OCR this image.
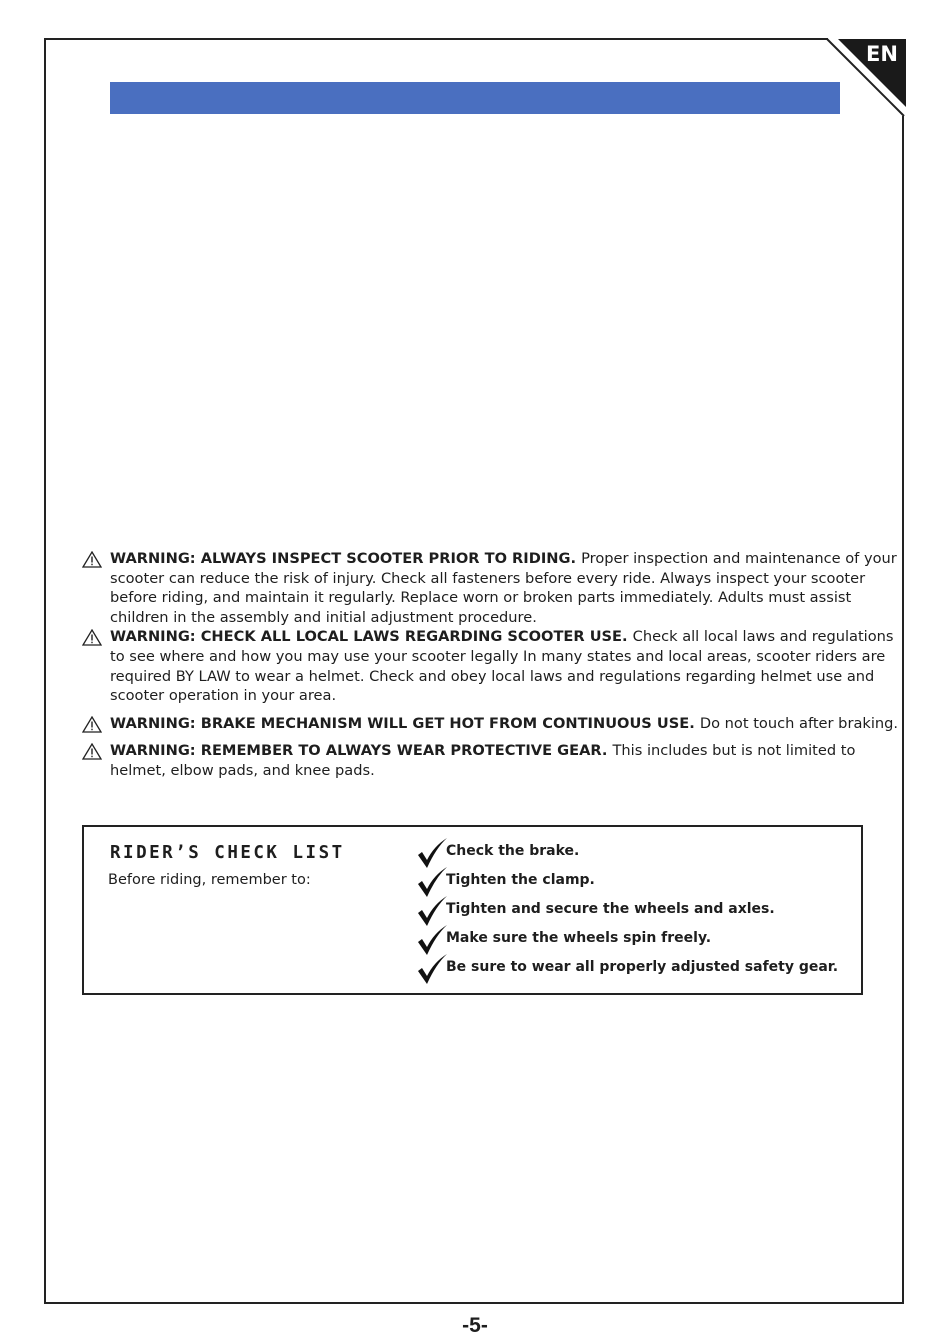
EN
WARNING: ALWAYS INSPECT SCOOTER PRIOR TO RIDING. Proper inspection and maintenance of your scooter can reduce the risk of injury. Check all fasteners before every ride. Always inspect your scooter before riding, and maintain it regularly. Replace worn or broken parts immediately. Adults must assist children in the assembly and initial adjustment procedure.
WARNING: CHECK ALL LOCAL LAWS REGARDING SCOOTER USE. Check all local laws and regulations to see where and how you may use your scooter legally In many states and local areas, scooter riders are required BY LAW to wear a helmet. Check and obey local laws and regulations regarding helmet use and scooter operation in your area.
WARNING: BRAKE MECHANISM WILL GET HOT FROM CONTINUOUS USE. Do not touch after braking.
WARNING: REMEMBER TO ALWAYS WEAR PROTECTIVE GEAR. This includes but is not limited to helmet, elbow pads, and knee pads.
RIDER’S CHECK LIST
Before riding, remember to:
Check the brake.
Tighten the clamp.
Tighten and secure the wheels and axles.
Make sure the wheels spin freely.
Be sure to wear all properly adjusted safety gear.
-5-
